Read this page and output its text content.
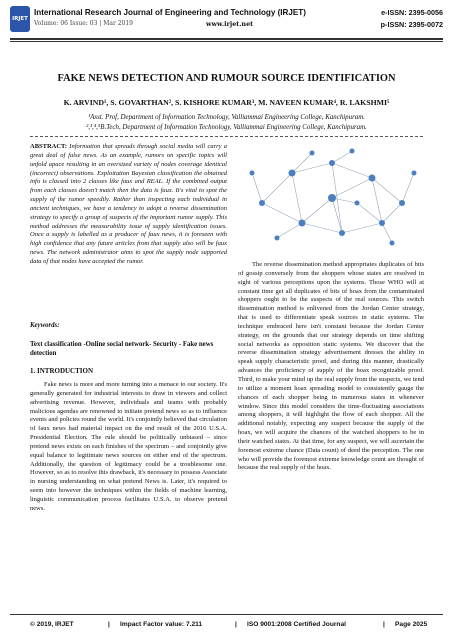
IRJET
International Research Journal of Engineering and Technology (IRJET)	e-ISSN: 2395-0056
Volume: 06 Issue: 03 | Mar 2019	www.irjet.net	p-ISSN: 2395-0072
FAKE NEWS DETECTION AND RUMOUR SOURCE IDENTIFICATION
K. ARVIND¹, S. GOVARTHAN², S. KISHORE KUMAR³, M. NAVEEN KUMAR⁴, R. LAKSHMI⁵
¹Asst. Prof, Department of Information Technology, Valliammai Engineering College, Kanchipuram.
²,³,⁴,⁵B.Tech, Department of Information Technology, Valliammai Engineering College, Kanchipuram.
ABSTRACT: Information that spreads through social media will carry a great deal of false news. As an example, rumors on specific topics will unfold apace resulting in an oversized variety of nodes coverage identical (incorrect) observations. Exploitation Bayesian classification the obtained info is classed into 2 classes like faux and REAL. If the combined output from each classes doesn't match then the data is faux. It's vital to spot the supply of the rumor speedily. Rather than inspecting each individual in ancient techniques, we have a tendency to adopt a reverse dissemination strategy to specify a group of suspects of the important rumor supply. This method addresses the measurability issue of supply identification issues. Once a supply is labelled as a producer of faux news, it is foreseen with high confidence that any future articles from that supply also will be faux news. The network administrator aims to spot the supply node supported data of that nodes have accepted the rumor.
Keywords:
Text classification -Online social network- Security - Fake news detection
1. INTRODUCTION
Fake news is more and more turning into a menace to our society. It's generally generated for industrial interests to draw in viewers and collect advertising revenue. However, individuals and teams with probably malicious agendas are renowned to initiate pretend news so as to influence events and policies round the world. It's conjointly believed that circulation of faux news had material impact on the end result of the 2016 U.S.A. Presidential Election. The rule should be politically unbiased – since pretend news exists on each finishes of the spectrum – and conjointly give equal balance to legitimate news sources on either end of the spectrum. Additionally, the question of legitimacy could be a troublesome one. However, so as to resolve this drawback, it's necessary to possess Associate in nursing understanding on what pretend News is. Later, it's required to seem into however the techniques within the fields of machine learning, linguistic communication process facilitates U.S.A. to observe pretend news.
The reverse dissemination method appropriates duplicates of bits of gossip conversely from the shoppers whose states are resolved in sight of various perceptions upon the systems. Those WHO will at constant time get all duplicates of bits of hoax from the contaminated shoppers ought to be the suspects of the real sources. This switch dissemination method is enlivened from the Jordan Center strategy, that is used to differentiate speak sources in static systems. The technique embraced here isn't constant because the Jordan Center strategy, on the grounds that our strategy depends on time shifting social networks as opposition static systems. We discover that the reverse dissemination strategy advertisement dresses the ability in speak supply characteristic proof, and during this manner, drastically advances the proficiency of supply of the hoax recognizable proof. Third, to make your mind up the real supply from the suspects, we tend to utilize a moment hoax spreading model to consistently gauge the chances of each shopper being in numerous states in whenever window. Since this model considers the time-fluctuating associations among shoppers, it will highlight the flow of each shopper. All the additional notably, expecting any suspect because the supply of the hoax, we will acquire the chances of the watched shoppers to be in their watched states. At that time, for any suspect, we will ascertain the foremost extreme chance (Data count) of deed the perception. The one who will provide the foremost extreme knowledge count are thought of because the real supply of the hoax.
© 2019, IRJET	| Impact Factor value: 7.211	| ISO 9001:2008 Certified Journal	| Page 2025
